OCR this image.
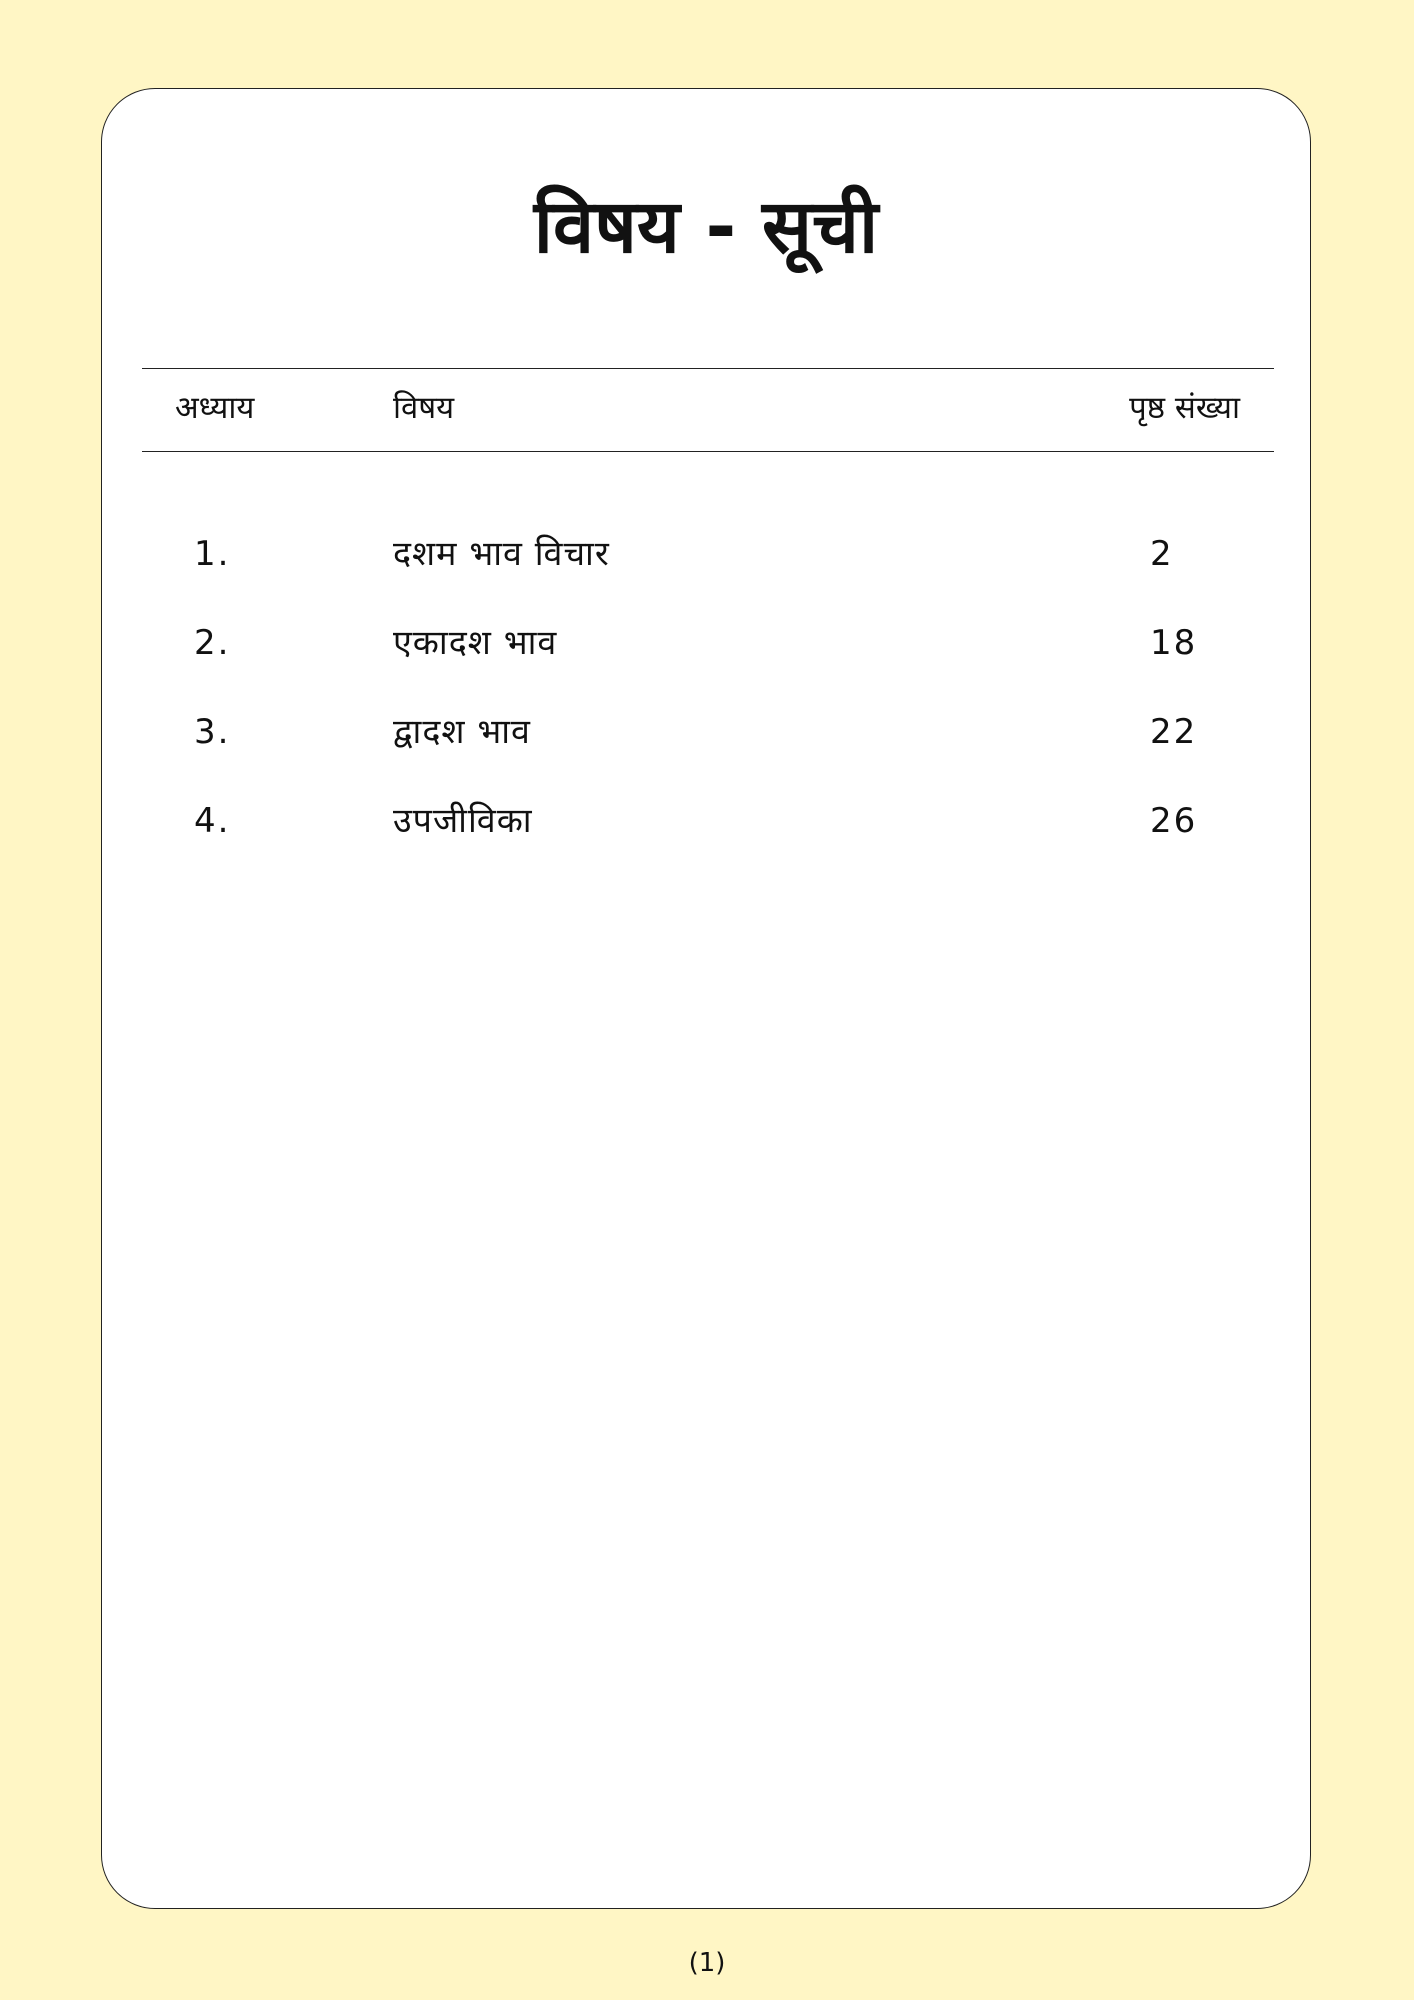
विषय - सूची
अध्याय	विषय	पृष्ठ संख्या
1.	दशम भाव विचार	2
2.	एकादश भाव	18
3.	द्वादश भाव	22
4.	उपजीविका	26
(1)
